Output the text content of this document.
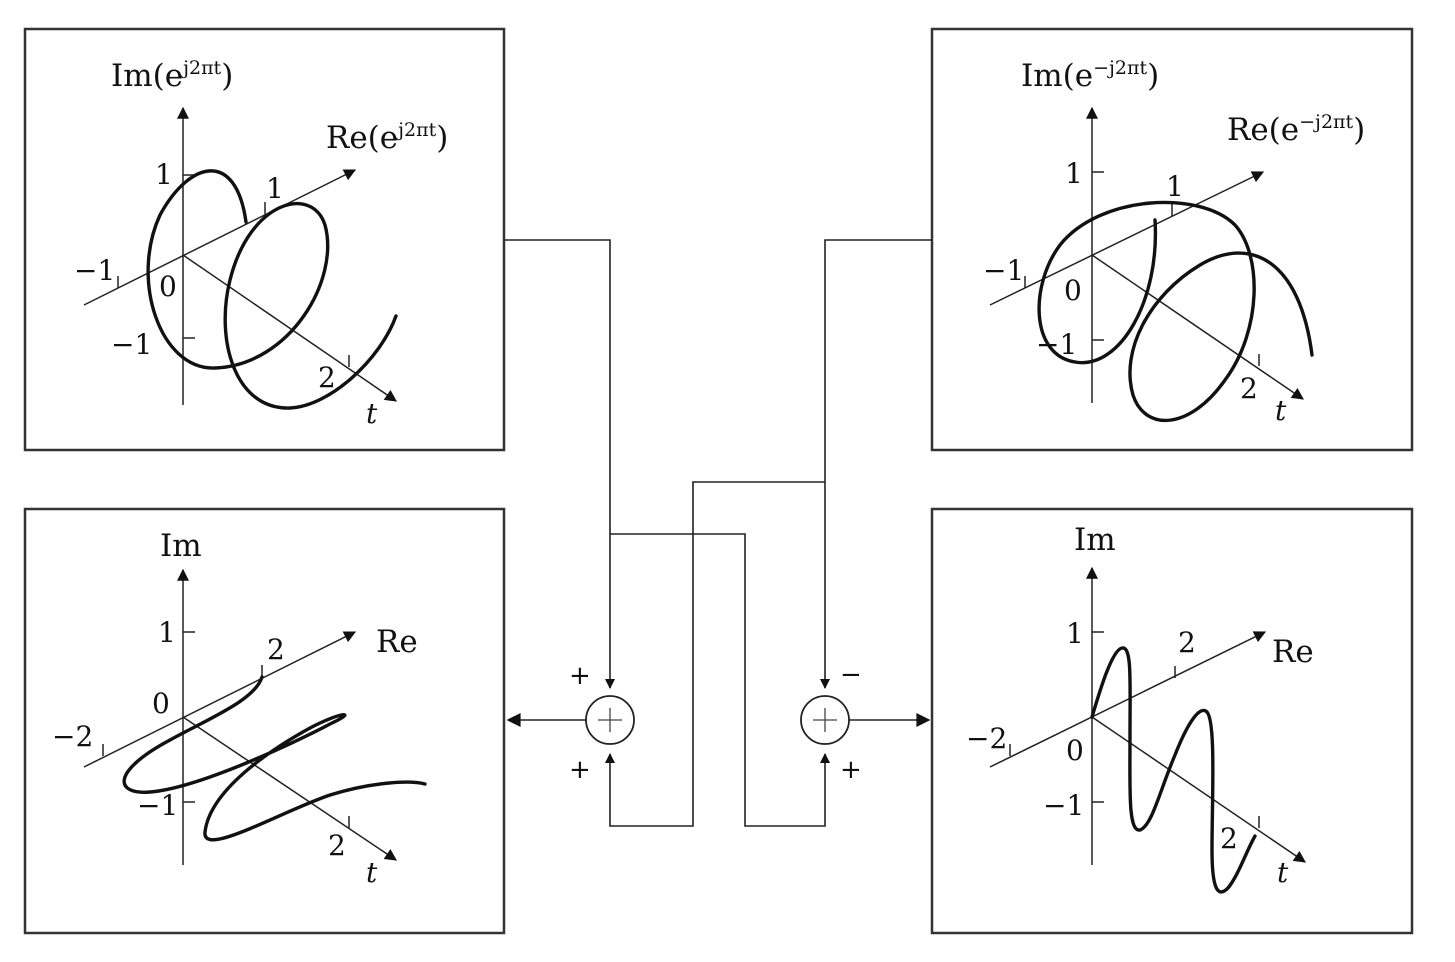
$Im(e^{j2\pi t})$
$Re(e^{j2\pi t})$
1
−1
−1
1
0
2
t
$Im(e^{-j2\pi t})$
$Re(e^{-j2\pi t})$
1
−1
−1
1
0
2
t
Im
Re
1
−1
−2
2
0
2
t
Im
Re
1
−1
−2
2
0
2
t
+
+
−
+
